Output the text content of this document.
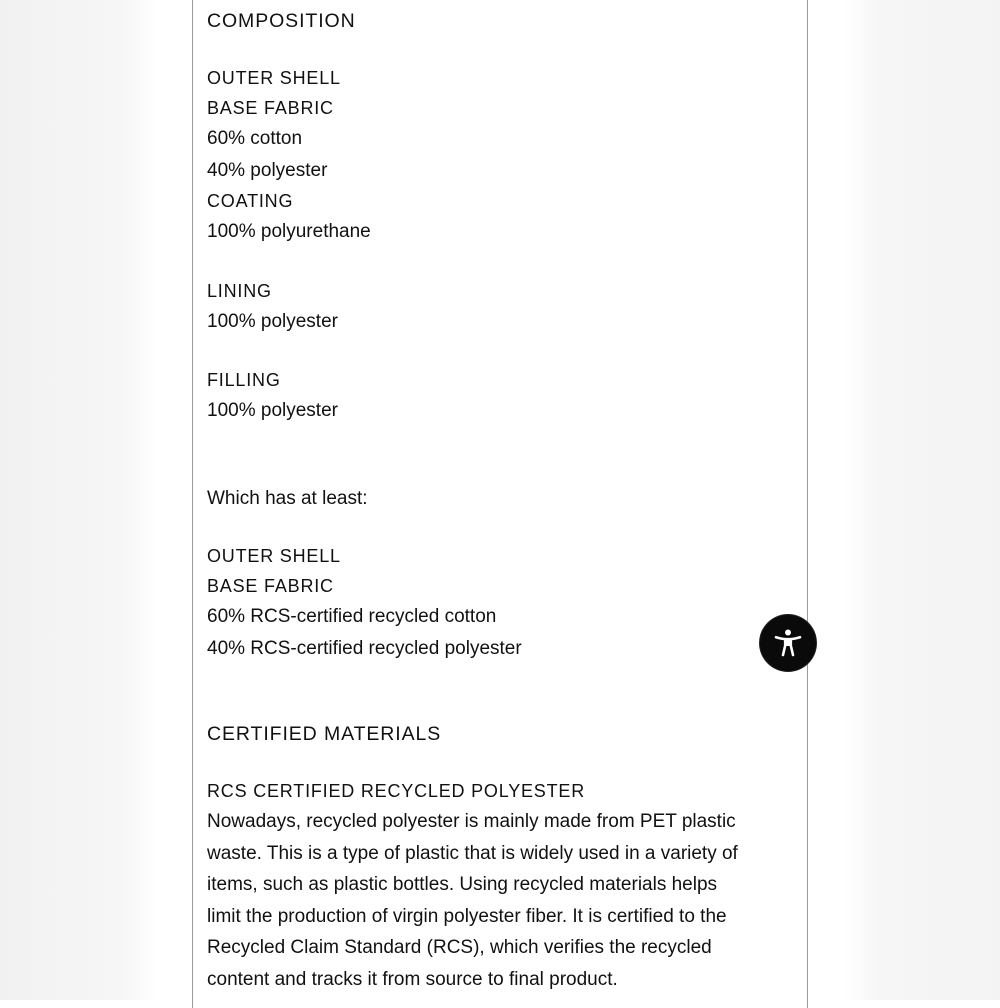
COMPOSITION
OUTER SHELL
BASE FABRIC
60% cotton
40% polyester
COATING
100% polyurethane
LINING
100% polyester
FILLING
100% polyester
Which has at least:
OUTER SHELL
BASE FABRIC
60% RCS-certified recycled cotton
40% RCS-certified recycled polyester
CERTIFIED MATERIALS
RCS CERTIFIED RECYCLED POLYESTER
Nowadays, recycled polyester is mainly made from PET plastic
waste. This is a type of plastic that is widely used in a variety of
items, such as plastic bottles. Using recycled materials helps
limit the production of virgin polyester fiber. It is certified to the
Recycled Claim Standard (RCS), which verifies the recycled
content and tracks it from source to final product.
